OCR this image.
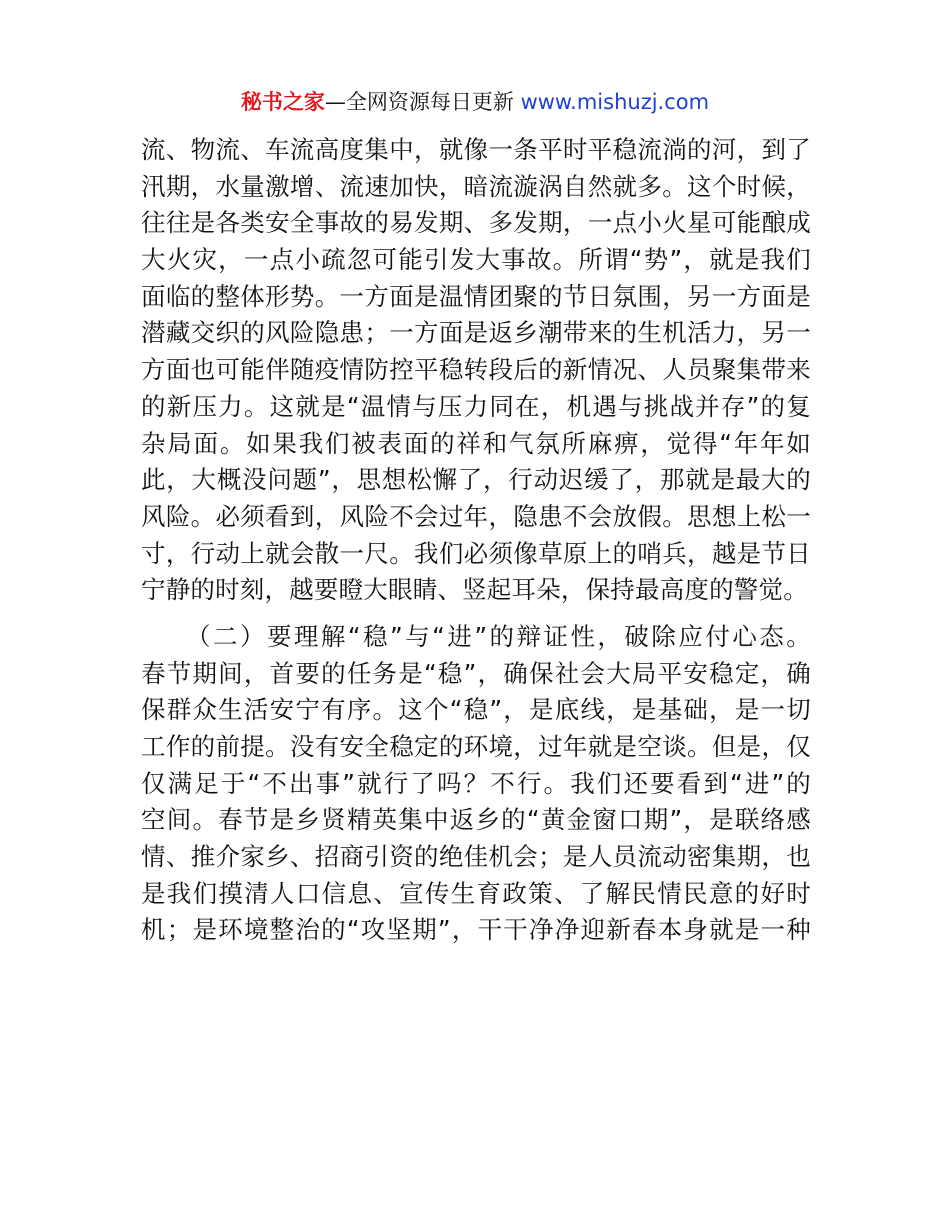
秘书之家—全网资源每日更新 www.mishuzj.com
流、物流、车流高度集中，就像一条平时平稳流淌的河，到了
汛期，水量激增、流速加快，暗流漩涡自然就多。这个时候，
往往是各类安全事故的易发期、多发期，一点小火星可能酿成
大火灾，一点小疏忽可能引发大事故。所谓“势”，就是我们
面临的整体形势。一方面是温情团聚的节日氛围，另一方面是
潜藏交织的风险隐患；一方面是返乡潮带来的生机活力，另一
方面也可能伴随疫情防控平稳转段后的新情况、人员聚集带来
的新压力。这就是“温情与压力同在，机遇与挑战并存”的复
杂局面。如果我们被表面的祥和气氛所麻痹，觉得“年年如
此，大概没问题”，思想松懈了，行动迟缓了，那就是最大的
风险。必须看到，风险不会过年，隐患不会放假。思想上松一
寸，行动上就会散一尺。我们必须像草原上的哨兵，越是节日
宁静的时刻，越要瞪大眼睛、竖起耳朵，保持最高度的警觉。
（二）要理解“稳”与“进”的辩证性，破除应付心态。
春节期间，首要的任务是“稳”，确保社会大局平安稳定，确
保群众生活安宁有序。这个“稳”，是底线，是基础，是一切
工作的前提。没有安全稳定的环境，过年就是空谈。但是，仅
仅满足于“不出事”就行了吗？不行。我们还要看到“进”的
空间。春节是乡贤精英集中返乡的“黄金窗口期”，是联络感
情、推介家乡、招商引资的绝佳机会；是人员流动密集期，也
是我们摸清人口信息、宣传生育政策、了解民情民意的好时
机；是环境整治的“攻坚期”，干干净净迎新春本身就是一种
